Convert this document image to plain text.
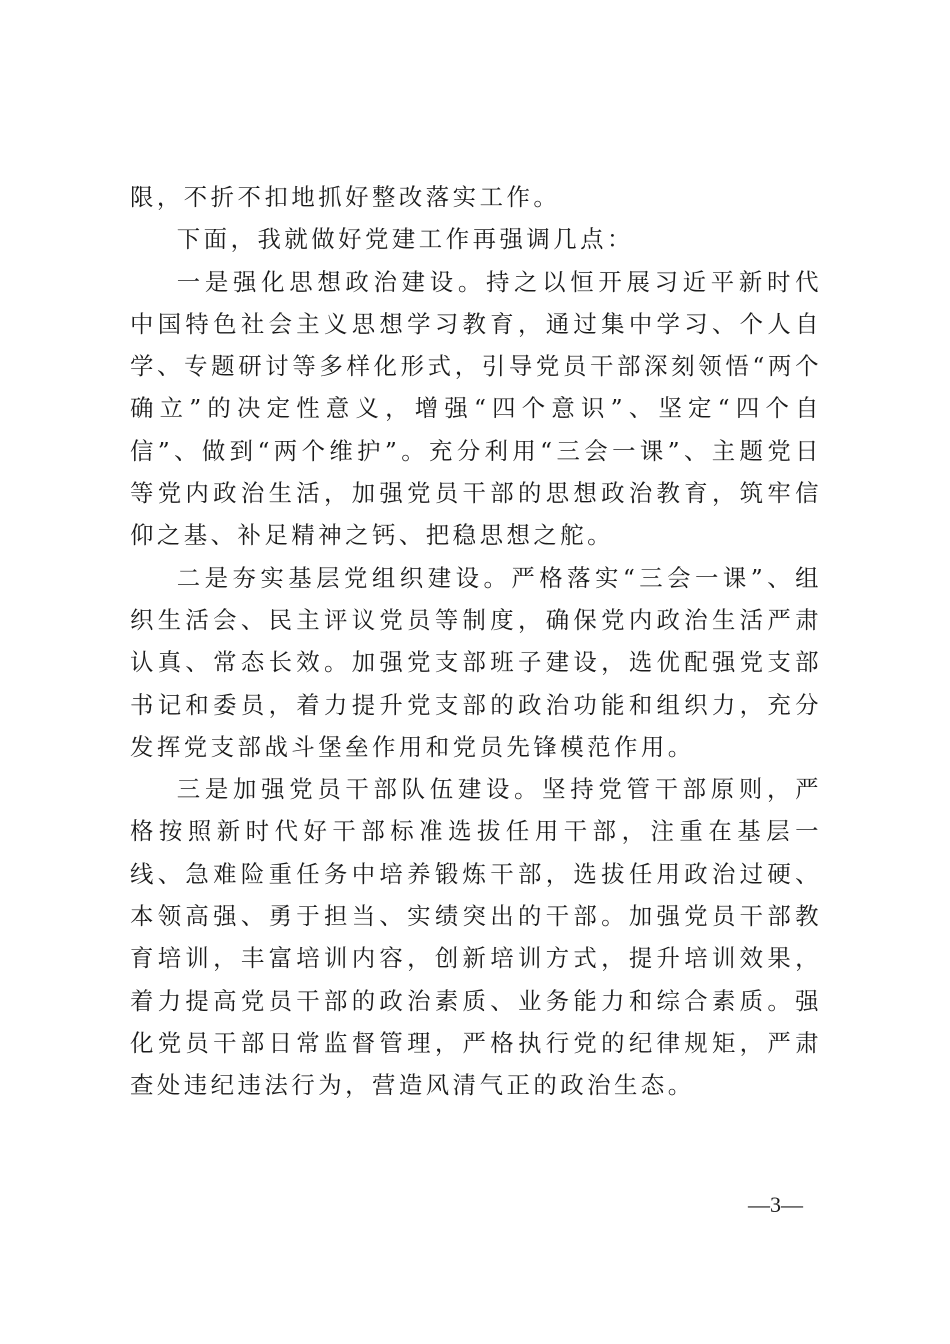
限，不折不扣地抓好整改落实工作。

下面，我就做好党建工作再强调几点：

一是强化思想政治建设。持之以恒开展习近平新时代中国特色社会主义思想学习教育，通过集中学习、个人自学、专题研讨等多样化形式，引导党员干部深刻领悟“两个确立”的决定性意义，增强“四个意识”、坚定“四个自信”、做到“两个维护”。充分利用“三会一课”、主题党日等党内政治生活，加强党员干部的思想政治教育，筑牢信仰之基、补足精神之钙、把稳思想之舵。

二是夯实基层党组织建设。严格落实“三会一课”、组织生活会、民主评议党员等制度，确保党内政治生活严肃认真、常态长效。加强党支部班子建设，选优配强党支部书记和委员，着力提升党支部的政治功能和组织力，充分发挥党支部战斗堡垒作用和党员先锋模范作用。

三是加强党员干部队伍建设。坚持党管干部原则，严格按照新时代好干部标准选拔任用干部，注重在基层一线、急难险重任务中培养锻炼干部，选拔任用政治过硬、本领高强、勇于担当、实绩突出的干部。加强党员干部教育培训，丰富培训内容，创新培训方式，提升培训效果，着力提高党员干部的政治素质、业务能力和综合素质。强化党员干部日常监督管理，严格执行党的纪律规矩，严肃查处违纪违法行为，营造风清气正的政治生态。

—3—
